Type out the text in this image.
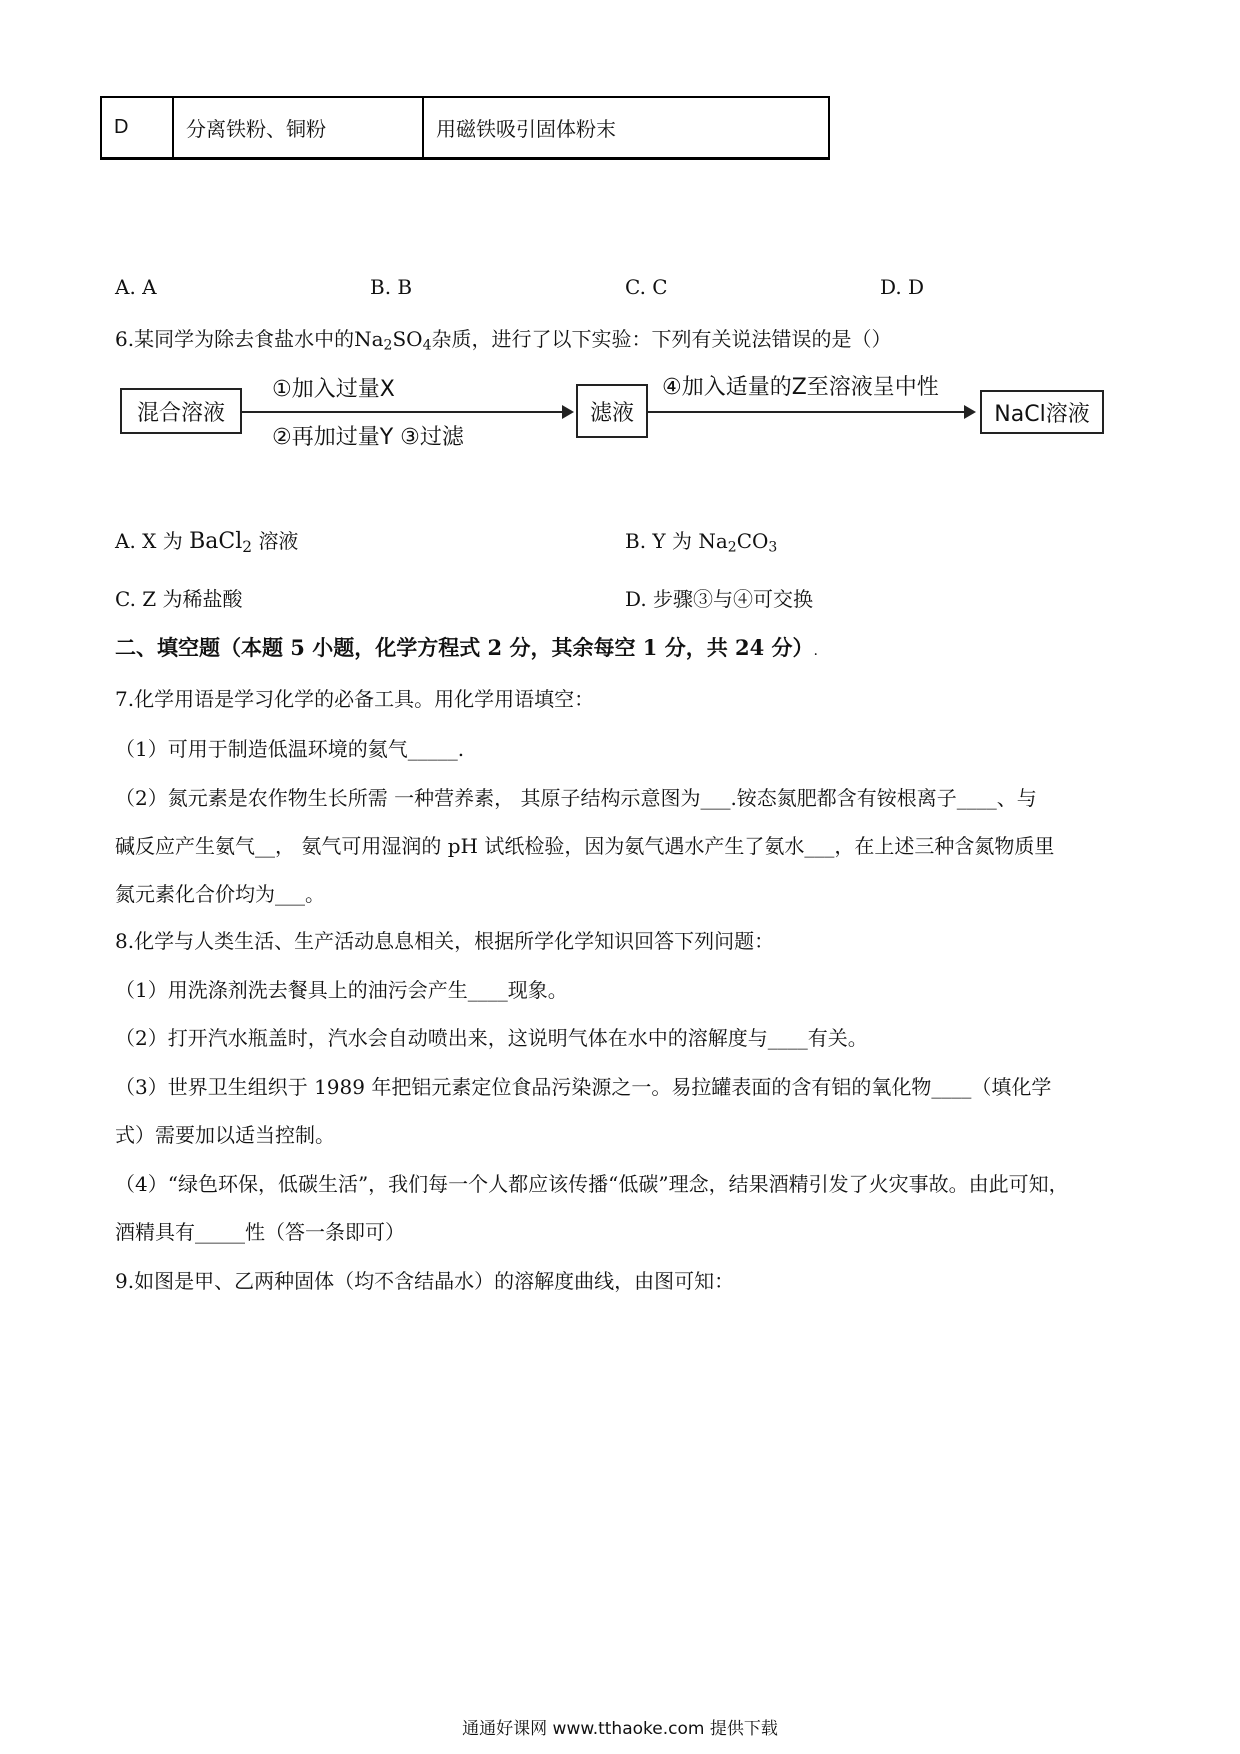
D	分离铁粉、铜粉	用磁铁吸引固体粉末
A. A	B. B	C. C	D. D
6.某同学为除去食盐水中的$Na_2SO_4$杂质，进行了以下实验：下列有关说法错误的是（）
混合溶液
①加入过量X
②再加过量Y ③过滤
滤液
④加入适量的Z至溶液呈中性
NaCl溶液
A. X 为 BaCl$_2$ 溶液	B. Y 为 $Na_2CO_3$
C. Z 为稀盐酸	D. 步骤③与④可交换
二、填空题（本题 5 小题，化学方程式 2 分，其余每空 1 分，共 24 分）.
7.化学用语是学习化学的必备工具。用化学用语填空：
（1）可用于制造低温环境的氦气_____.
（2）氮元素是农作物生长所需 一种营养素， 其原子结构示意图为___.铵态氮肥都含有铵根离子____、与
碱反应产生氨气__， 氨气可用湿润的 pH 试纸检验，因为氨气遇水产生了氨水___，在上述三种含氮物质里
氮元素化合价均为___。
8.化学与人类生活、生产活动息息相关，根据所学化学知识回答下列问题：
（1）用洗涤剂洗去餐具上的油污会产生____现象。
（2）打开汽水瓶盖时，汽水会自动喷出来，这说明气体在水中的溶解度与____有关。
（3）世界卫生组织于 1989 年把铝元素定位食品污染源之一。易拉罐表面的含有铝的氧化物____（填化学
式）需要加以适当控制。
（4）“绿色环保，低碳生活”，我们每一个人都应该传播“低碳”理念，结果酒精引发了火灾事故。由此可知，
酒精具有_____性（答一条即可）
9.如图是甲、乙两种固体（均不含结晶水）的溶解度曲线，由图可知：
通通好课网 www.tthaoke.com 提供下载
